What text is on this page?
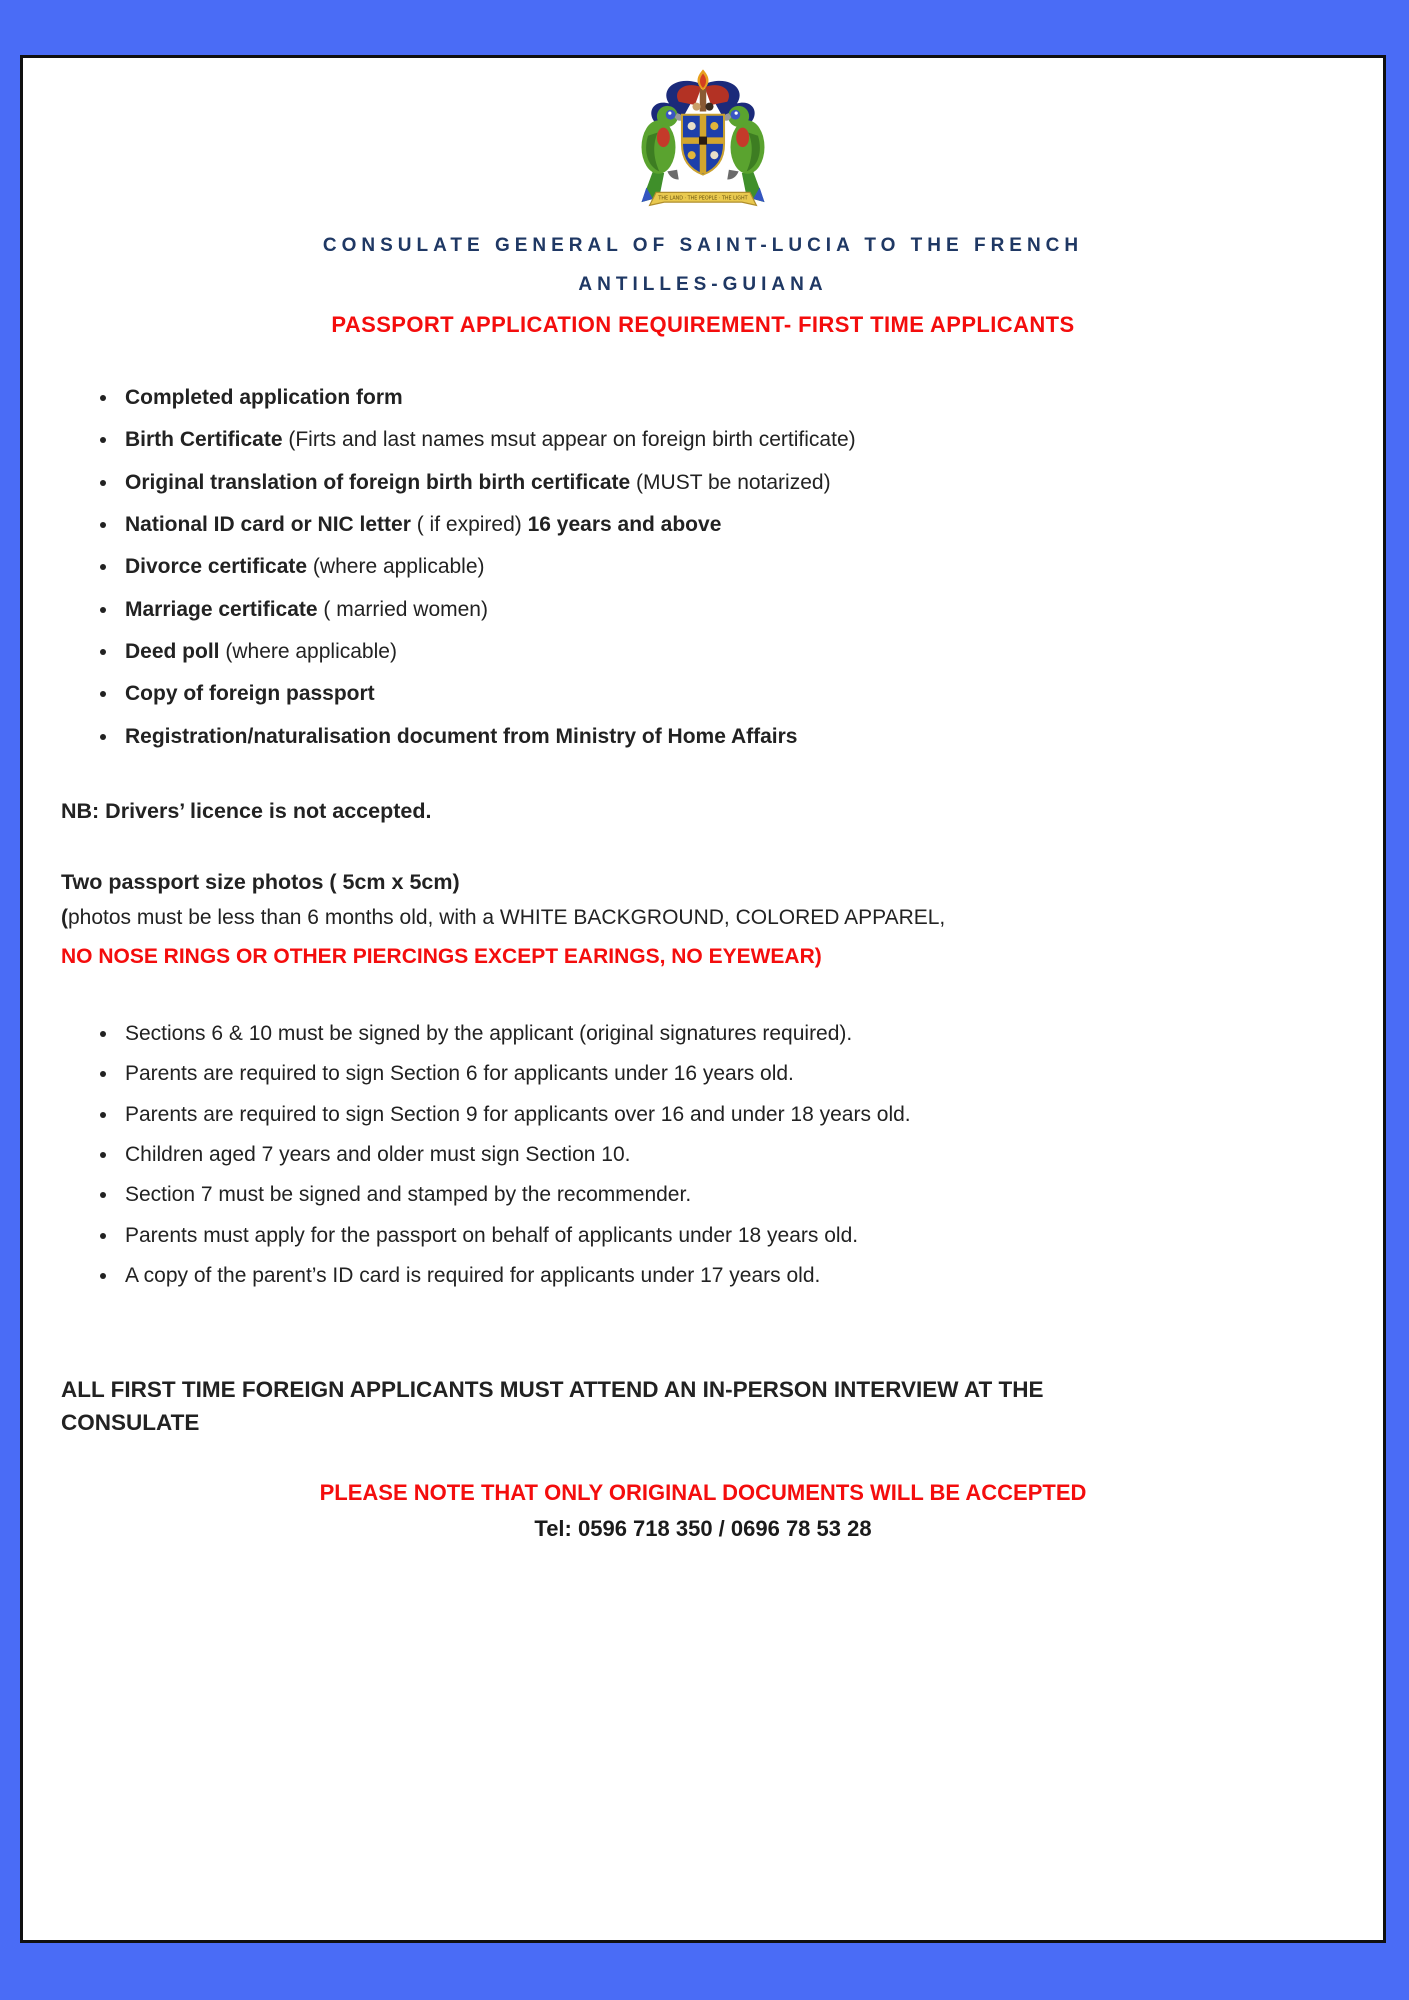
THE LAND · THE PEOPLE · THE LIGHT
CONSULATE GENERAL OF SAINT-LUCIA TO THE FRENCH
ANTILLES-GUIANA
PASSPORT APPLICATION REQUIREMENT- FIRST TIME APPLICANTS
• Completed application form
• Birth Certificate (Firts and last names msut appear on foreign birth certificate)
• Original translation of foreign birth birth certificate (MUST be notarized)
• National ID card or NIC letter ( if expired) 16 years and above
• Divorce certificate (where applicable)
• Marriage certificate ( married women)
• Deed poll (where applicable)
• Copy of foreign passport
• Registration/naturalisation document from Ministry of Home Affairs

NB: Drivers’ licence is not accepted.

Two passport size photos ( 5cm x 5cm)

(photos must be less than 6 months old, with a WHITE BACKGROUND, COLORED APPAREL,

NO NOSE RINGS OR OTHER PIERCINGS EXCEPT EARINGS, NO EYEWEAR)

• Sections 6 & 10 must be signed by the applicant (original signatures required).
• Parents are required to sign Section 6 for applicants under 16 years old.
• Parents are required to sign Section 9 for applicants over 16 and under 18 years old.
• Children aged 7 years and older must sign Section 10.
• Section 7 must be signed and stamped by the recommender.
• Parents must apply for the passport on behalf of applicants under 18 years old.
• A copy of the parent’s ID card is required for applicants under 17 years old.

ALL FIRST TIME FOREIGN APPLICANTS MUST ATTEND AN IN-PERSON INTERVIEW AT THE
CONSULATE

PLEASE NOTE THAT ONLY ORIGINAL DOCUMENTS WILL BE ACCEPTED

Tel: 0596 718 350 / 0696 78 53 28
